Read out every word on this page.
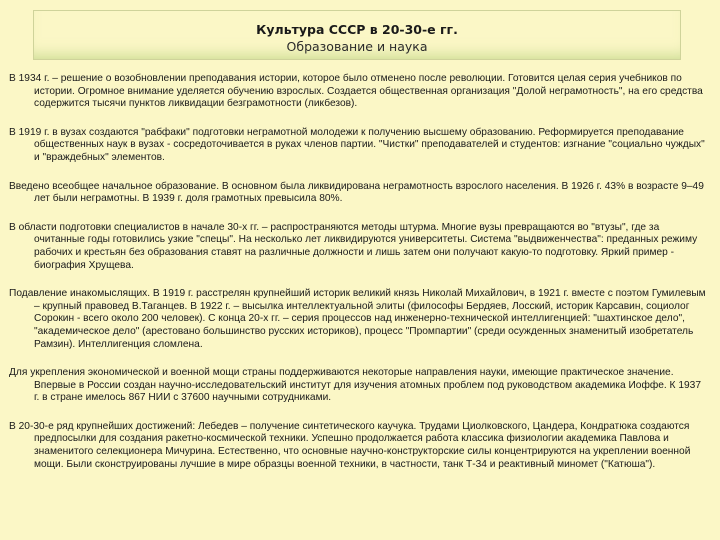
Культура СССР в 20-30-е гг.
Образование и наука

В 1934 г. – решение о возобновлении преподавания истории, которое было отменено после революции. Готовится целая серия учебников по истории. Огромное внимание уделяется обучению взрослых. Создается общественная организация "Долой неграмотность", на его средства содержится тысячи пунктов ликвидации безграмотности (ликбезов).

В 1919 г. в вузах создаются "рабфаки" подготовки неграмотной молодежи к получению высшему образованию. Реформируется преподавание общественных наук в вузах - сосредоточивается в руках членов партии. "Чистки" преподавателей и студентов: изгнание "социально чуждых" и "враждебных" элементов.

Введено всеобщее начальное образование. В основном была ликвидирована неграмотность взрослого населения. В 1926 г. 43% в возрасте 9–49 лет были неграмотны. В 1939 г. доля грамотных превысила 80%.

В области подготовки специалистов в начале 30-х гг. – распространяются методы штурма. Многие вузы превращаются во "втузы", где за очитанные годы готовились узкие "спецы". На несколько лет ликвидируются университеты. Система "выдвиженчества": преданных режиму рабочих и крестьян без образования ставят на различные должности и лишь затем они получают какую-то подготовку. Яркий пример - биография Хрущева.

Подавление инакомыслящих. В 1919 г. расстрелян крупнейший историк великий князь Николай Михайлович, в 1921 г. вместе с поэтом Гумилевым – крупный правовед В.Таганцев. В 1922 г. – высылка интеллектуальной элиты (философы Бердяев, Лосский, историк Карсавин, социолог Сорокин - всего около 200 человек). С конца 20-х гг. – серия процессов над инженерно-технической интеллигенцией: "шахтинское дело", "академическое дело" (арестовано большинство русских историков), процесс "Промпартии" (среди осужденных знаменитый изобретатель Рамзин). Интеллигенция сломлена.

Для укрепления экономической и военной мощи страны поддерживаются некоторые направления науки, имеющие практическое значение. Впервые в России создан научно-исследовательский институт для изучения атомных проблем под руководством академика Иоффе. К 1937 г. в стране имелось 867 НИИ с 37600 научными сотрудниками.

В 20-30-е ряд крупнейших достижений: Лебедев – получение синтетического каучука. Трудами Циолковского, Цандера, Кондратюка создаются предпосылки для создания ракетно-космической техники. Успешно продолжается работа классика физиологии академика Павлова и знаменитого селекционера Мичурина. Естественно, что основные научно-конструкторские силы концентрируются на укреплении военной мощи. Были сконструированы лучшие в мире образцы военной техники, в частности, танк Т-34 и реактивный миномет ("Катюша").
